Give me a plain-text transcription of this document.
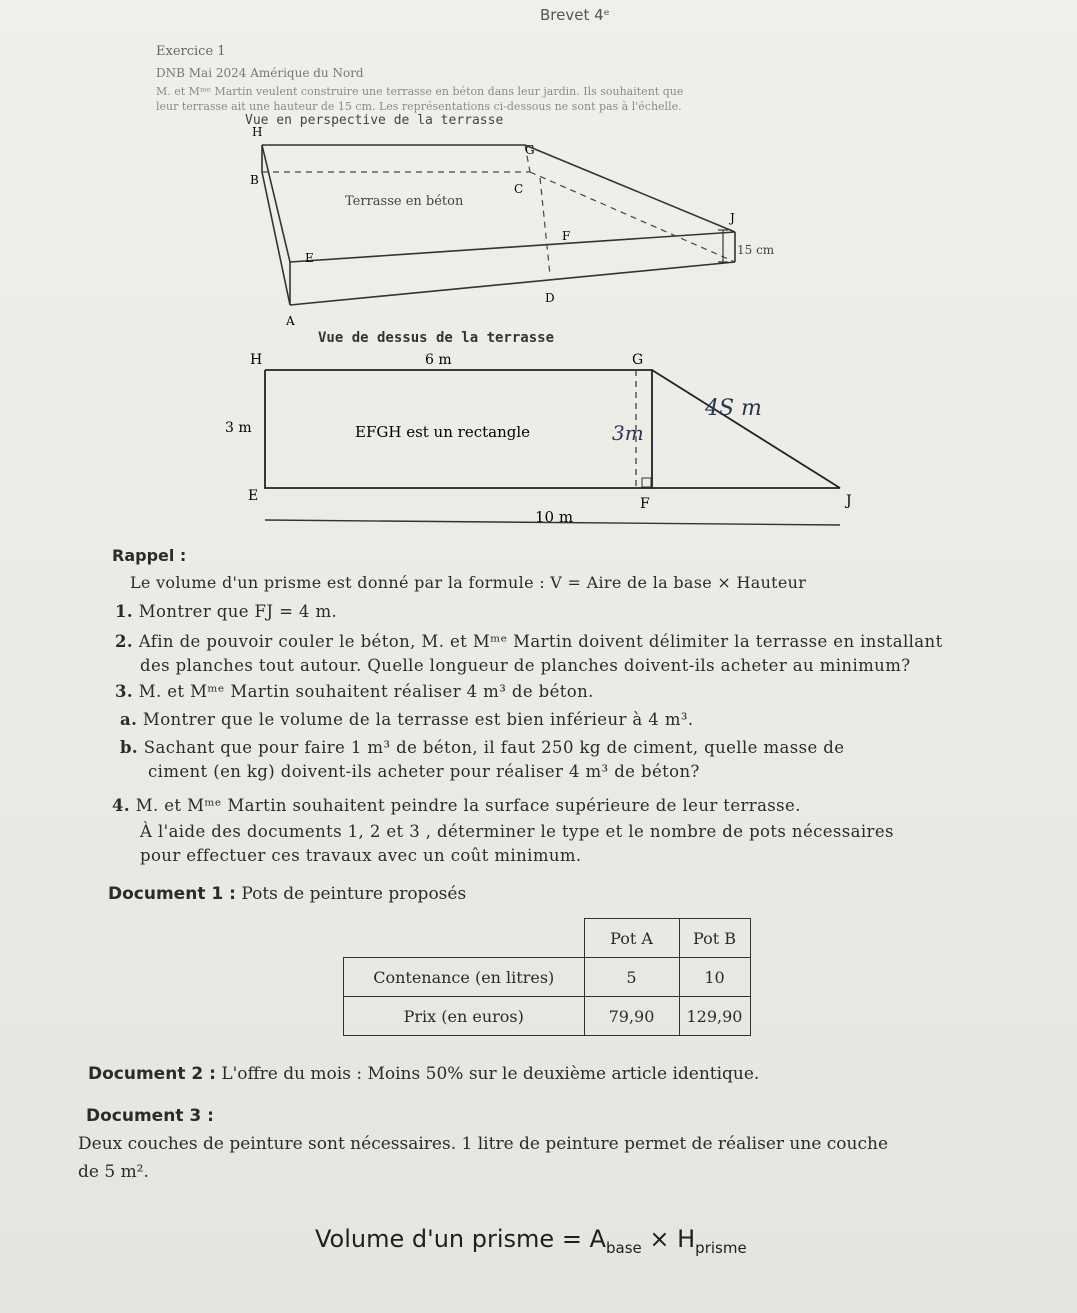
Brevet 4ᵉ
Exercice 1
DNB Mai 2024 Amérique du Nord
M. et Mᵐᵉ Martin veulent construire une terrasse en béton dans leur jardin. Ils souhaitent que
leur terrasse ait une hauteur de 15 cm. Les représentations ci-dessous ne sont pas à l'échelle.
Vue en perspective de la terrasse
H
B
C
G
F
E
D
A
J
Terrasse en béton
15 cm
Vue de dessus de la terrasse
H	6 m	G
3 m	EFGH est un rectangle
E	F	J
10 m
4S m
3m
Rappel :
Le volume d'un prisme est donné par la formule : V = Aire de la base × Hauteur
1. Montrer que FJ = 4 m.
2. Afin de pouvoir couler le béton, M. et Mᵐᵉ Martin doivent délimiter la terrasse en installant
des planches tout autour. Quelle longueur de planches doivent-ils acheter au minimum?
3. M. et Mᵐᵉ Martin souhaitent réaliser 4 m³ de béton.
a. Montrer que le volume de la terrasse est bien inférieur à 4 m³.
b. Sachant que pour faire 1 m³ de béton, il faut 250 kg de ciment, quelle masse de
ciment (en kg) doivent-ils acheter pour réaliser 4 m³ de béton?
4. M. et Mᵐᵉ Martin souhaitent peindre la surface supérieure de leur terrasse.
À l'aide des documents 1, 2 et 3 , déterminer le type et le nombre de pots nécessaires
pour effectuer ces travaux avec un coût minimum.
Document 1 : Pots de peinture proposés
	Pot A	Pot B
Contenance (en litres)	5	10
Prix (en euros)	79,90	129,90
Document 2 : L'offre du mois : Moins 50% sur le deuxième article identique.
Document 3 :
Deux couches de peinture sont nécessaires. 1 litre de peinture permet de réaliser une couche
de 5 m².
Volume d'un prisme = $A_{base} \times H_{prisme}$
